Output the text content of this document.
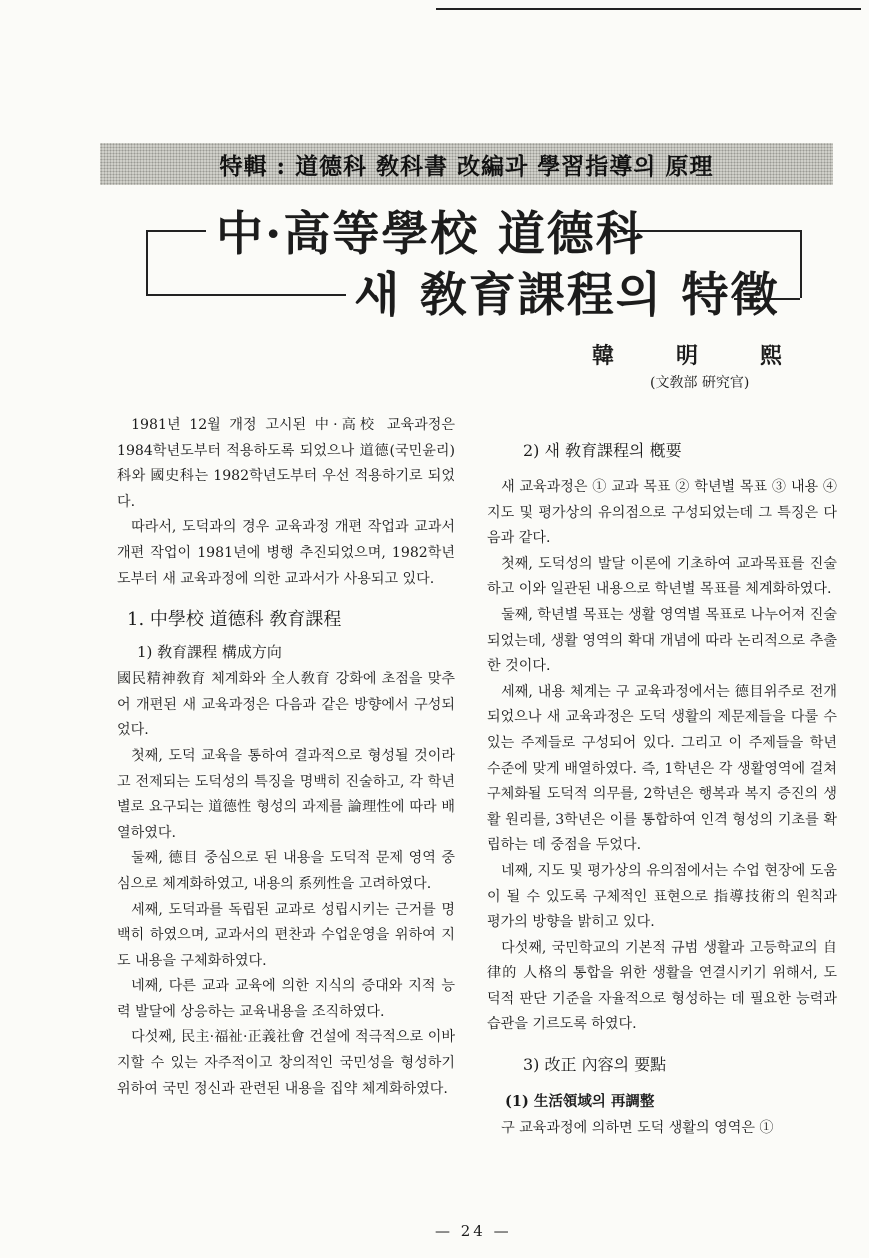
特輯 : 道德科 敎科書 改編과 學習指導의 原理
中·高等學校 道德科
새 敎育課程의 特徵
韓明熙
(文敎部 硏究官)

1981년 12월 개정 고시된 中·高校 교육과정은 1984학년도부터 적용하도록 되었으나 道德(국민윤리)科와 國史科는 1982학년도부터 우선 적용하기로 되었다.

따라서, 도덕과의 경우 교육과정 개편 작업과 교과서 개편 작업이 1981년에 병행 추진되었으며, 1982학년도부터 새 교육과정에 의한 교과서가 사용되고 있다.

1. 中學校 道德科 敎育課程
1) 敎育課程 構成方向

國民精神敎育 체계화와 全人敎育 강화에 초점을 맞추어 개편된 새 교육과정은 다음과 같은 방향에서 구성되었다.

첫째, 도덕 교육을 통하여 결과적으로 형성될 것이라고 전제되는 도덕성의 특징을 명백히 진술하고, 각 학년별로 요구되는 道德性 형성의 과제를 論理性에 따라 배열하였다.

둘째, 德目 중심으로 된 내용을 도덕적 문제 영역 중심으로 체계화하였고, 내용의 系列性을 고려하였다.

세째, 도덕과를 독립된 교과로 성립시키는 근거를 명백히 하였으며, 교과서의 편찬과 수업운영을 위하여 지도 내용을 구체화하였다.

네째, 다른 교과 교육에 의한 지식의 증대와 지적 능력 발달에 상응하는 교육내용을 조직하였다.

다섯째, 民主·福祉·正義社會 건설에 적극적으로 이바지할 수 있는 자주적이고 창의적인 국민성을 형성하기 위하여 국민 정신과 관련된 내용을 집약 체계화하였다.

2) 새 敎育課程의 槪要

새 교육과정은 ① 교과 목표 ② 학년별 목표 ③ 내용 ④ 지도 및 평가상의 유의점으로 구성되었는데 그 특징은 다음과 같다.

첫째, 도덕성의 발달 이론에 기초하여 교과목표를 진술하고 이와 일관된 내용으로 학년별 목표를 체계화하였다.

둘째, 학년별 목표는 생활 영역별 목표로 나누어져 진술되었는데, 생활 영역의 확대 개념에 따라 논리적으로 추출한 것이다.

세째, 내용 체계는 구 교육과정에서는 德目위주로 전개되었으나 새 교육과정은 도덕 생활의 제문제들을 다룰 수 있는 주제들로 구성되어 있다. 그리고 이 주제들을 학년 수준에 맞게 배열하였다. 즉, 1학년은 각 생활영역에 걸쳐 구체화될 도덕적 의무를, 2학년은 행복과 복지 증진의 생활 원리를, 3학년은 이를 통합하여 인격 형성의 기초를 확립하는 데 중점을 두었다.

네째, 지도 및 평가상의 유의점에서는 수업 현장에 도움이 될 수 있도록 구체적인 표현으로 指導技術의 원칙과 평가의 방향을 밝히고 있다.

다섯째, 국민학교의 기본적 규범 생활과 고등학교의 自律的 人格의 통합을 위한 생활을 연결시키기 위해서, 도덕적 판단 기준을 자율적으로 형성하는 데 필요한 능력과 습관을 기르도록 하였다.

3) 改正 內容의 要點
(1) 生活領域의 再調整

구 교육과정에 의하면 도덕 생활의 영역은 ①

— 24 —
